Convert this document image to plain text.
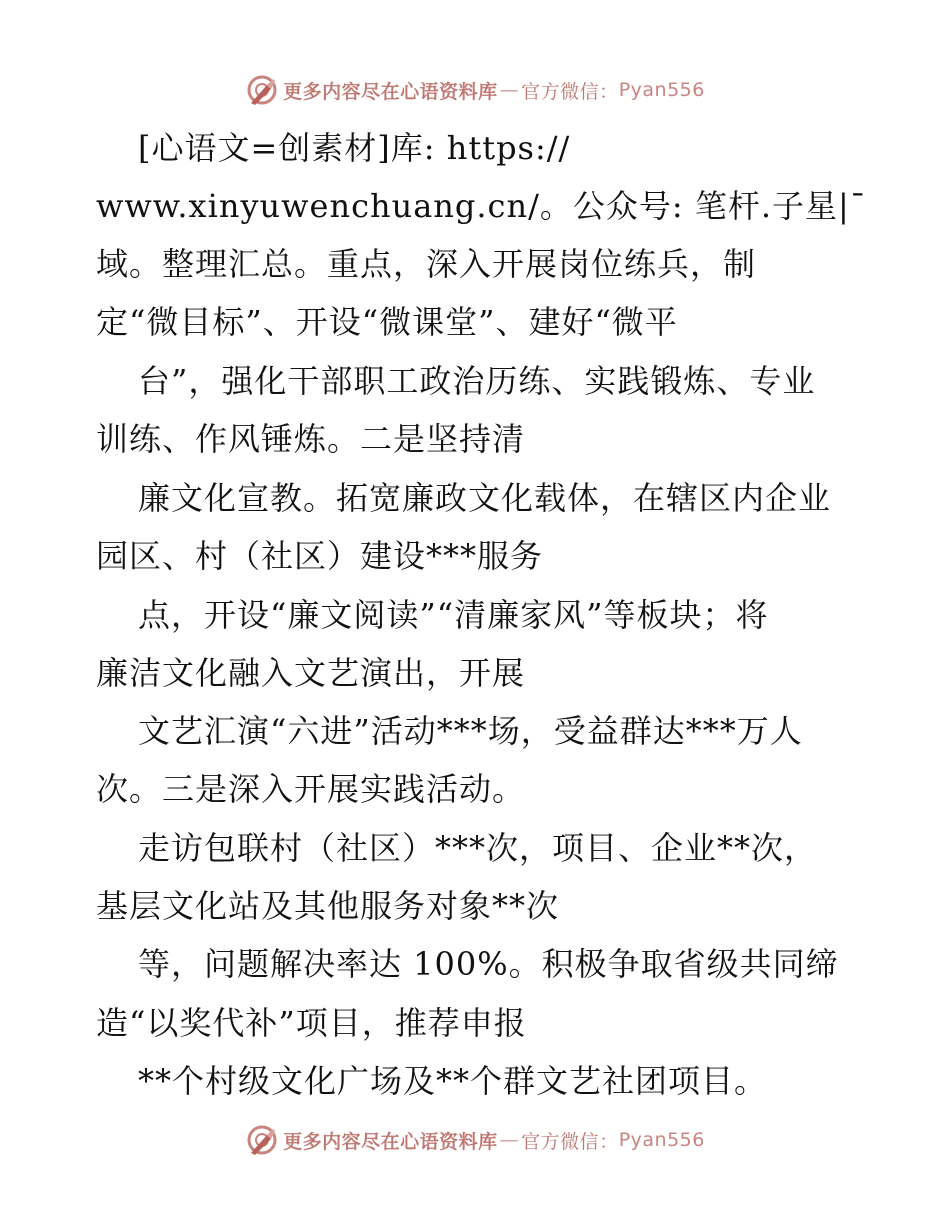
更多内容尽在心语资料库 — 官方微信： Pyan556
[心语文=创素材]库: https://
www.xinyuwenchuang.cn/。公众号: 笔杆.子星|¯
域。整理汇总。重点，深入开展岗位练兵，制
定“微目标”、开设“微课堂”、建好“微平
台”，强化干部职工政治历练、实践锻炼、专业
训练、作风锤炼。二是坚持清
廉文化宣教。拓宽廉政文化载体，在辖区内企业
园区、村（社区）建设***服务
点，开设“廉文阅读”“清廉家风”等板块；将
廉洁文化融入文艺演出，开展
文艺汇演“六进”活动***场，受益群达***万人
次。三是深入开展实践活动。
走访包联村（社区）***次，项目、企业**次，
基层文化站及其他服务对象**次
等，问题解决率达 100%。积极争取省级共同缔
造“以奖代补”项目，推荐申报
**个村级文化广场及**个群文艺社团项目。
更多内容尽在心语资料库 — 官方微信： Pyan556
